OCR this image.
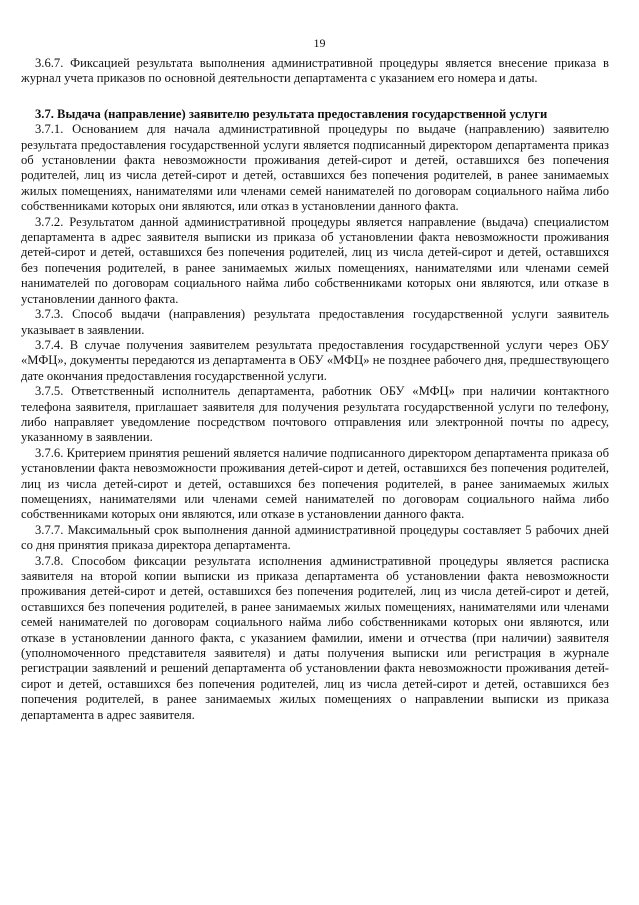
19

3.6.7. Фиксацией результата выполнения административной процедуры является внесение приказа в журнал учета приказов по основной деятельности департамента с указанием его номера и даты.

3.7. Выдача (направление) заявителю результата предоставления государственной услуги

3.7.1. Основанием для начала административной процедуры по выдаче (направлению) заявителю результата предоставления государственной услуги является подписанный директором департамента приказ об установлении факта невозможности проживания детей-сирот и детей, оставшихся без попечения родителей, лиц из числа детей-сирот и детей, оставшихся без попечения родителей, в ранее занимаемых жилых помещениях, нанимателями или членами семей нанимателей по договорам социального найма либо собственниками которых они являются, или отказ в установлении данного факта.

3.7.2. Результатом данной административной процедуры является направление (выдача) специалистом департамента в адрес заявителя выписки из приказа об установлении факта невозможности проживания детей-сирот и детей, оставшихся без попечения родителей, лиц из числа детей-сирот и детей, оставшихся без попечения родителей, в ранее занимаемых жилых помещениях, нанимателями или членами семей нанимателей по договорам социального найма либо собственниками которых они являются, или отказе в установлении данного факта.

3.7.3. Способ выдачи (направления) результата предоставления государственной услуги заявитель указывает в заявлении.

3.7.4. В случае получения заявителем результата предоставления государственной услуги через ОБУ «МФЦ», документы передаются из департамента в ОБУ «МФЦ» не позднее рабочего дня, предшествующего дате окончания предоставления государственной услуги.

3.7.5. Ответственный исполнитель департамента, работник ОБУ «МФЦ» при наличии контактного телефона заявителя, приглашает заявителя для получения результата государственной услуги по телефону, либо направляет уведомление посредством почтового отправления или электронной почты по адресу, указанному в заявлении.

3.7.6. Критерием принятия решений является наличие подписанного директором департамента приказа об установлении факта невозможности проживания детей-сирот и детей, оставшихся без попечения родителей, лиц из числа детей-сирот и детей, оставшихся без попечения родителей, в ранее занимаемых жилых помещениях, нанимателями или членами семей нанимателей по договорам социального найма либо собственниками которых они являются, или отказе в установлении данного факта.

3.7.7. Максимальный срок выполнения данной административной процедуры составляет 5 рабочих дней со дня принятия приказа директора департамента.

3.7.8. Способом фиксации результата исполнения административной процедуры является расписка заявителя на второй копии выписки из приказа департамента об установлении факта невозможности проживания детей-сирот и детей, оставшихся без попечения родителей, лиц из числа детей-сирот и детей, оставшихся без попечения родителей, в ранее занимаемых жилых помещениях, нанимателями или членами семей нанимателей по договорам социального найма либо собственниками которых они являются, или отказе в установлении данного факта, с указанием фамилии, имени и отчества (при наличии) заявителя (уполномоченного представителя заявителя) и даты получения выписки или регистрация в журнале регистрации заявлений и решений департамента об установлении факта невозможности проживания детей-сирот и детей, оставшихся без попечения родителей, лиц из числа детей-сирот и детей, оставшихся без попечения родителей, в ранее занимаемых жилых помещениях о направлении выписки из приказа департамента в адрес заявителя.
